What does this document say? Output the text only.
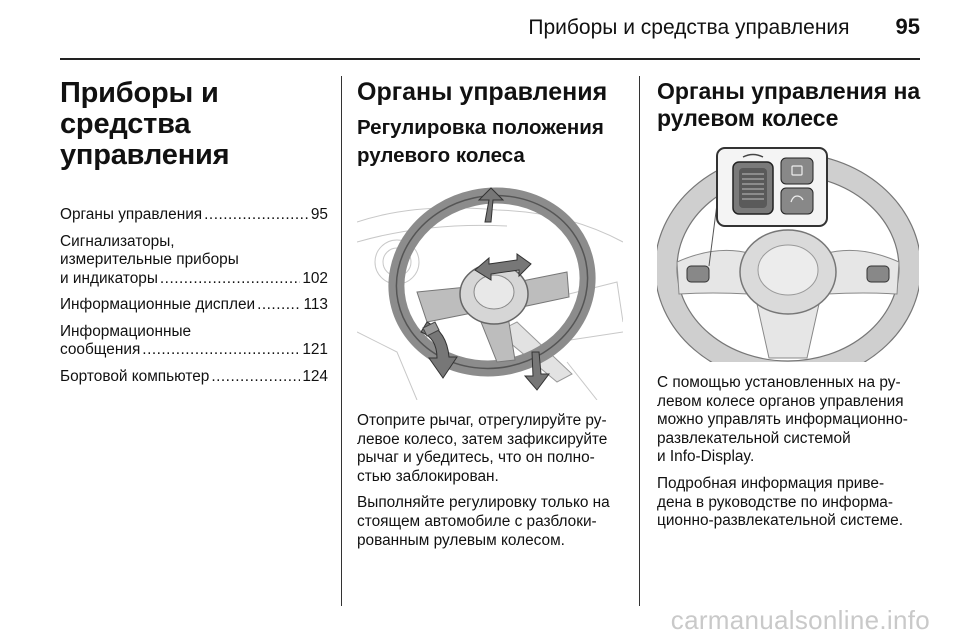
Приборы и средства управления 95
Приборы и средства
управления
Органы управления .....	95
Сигнализаторы,
измерительные приборы
и индикаторы .....	102
Информационные дисплеи .....	113
Информационные
сообщения .....	121
Бортовой компьютер .....	124
Органы управления
Регулировка положения
рулевого колеса

Отоприте рычаг, отрегулируйте ру-
левое колесо, затем зафиксируйте
рычаг и убедитесь, что он полно-
стью заблокирован.

Выполняйте регулировку только на
стоящем автомобиле с разблоки-
рованным рулевым колесом.

Органы управления на
рулевом колесе

С помощью установленных на ру-
левом колесе органов управления
можно управлять информационно-
развлекательной системой
и Info-Display.

Подробная информация приве-
дена в руководстве по информа-
ционно-развлекательной системе.

carmanualsonline.info
